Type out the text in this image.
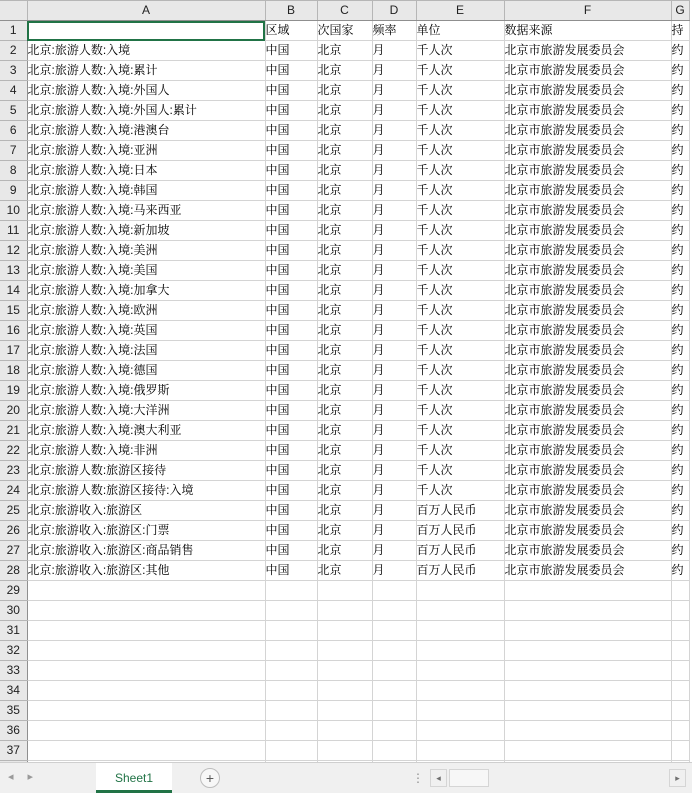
	A	B	C	D	E	F	G
1		区域	次国家	频率	单位	数据来源	持
2	北京:旅游人数:入境	中国	北京	月	千人次	北京市旅游发展委员会	约
3	北京:旅游人数:入境:累计	中国	北京	月	千人次	北京市旅游发展委员会	约
4	北京:旅游人数:入境:外国人	中国	北京	月	千人次	北京市旅游发展委员会	约
5	北京:旅游人数:入境:外国人:累计	中国	北京	月	千人次	北京市旅游发展委员会	约
6	北京:旅游人数:入境:港澳台	中国	北京	月	千人次	北京市旅游发展委员会	约
7	北京:旅游人数:入境:亚洲	中国	北京	月	千人次	北京市旅游发展委员会	约
8	北京:旅游人数:入境:日本	中国	北京	月	千人次	北京市旅游发展委员会	约
9	北京:旅游人数:入境:韩国	中国	北京	月	千人次	北京市旅游发展委员会	约
10	北京:旅游人数:入境:马来西亚	中国	北京	月	千人次	北京市旅游发展委员会	约
11	北京:旅游人数:入境:新加坡	中国	北京	月	千人次	北京市旅游发展委员会	约
12	北京:旅游人数:入境:美洲	中国	北京	月	千人次	北京市旅游发展委员会	约
13	北京:旅游人数:入境:美国	中国	北京	月	千人次	北京市旅游发展委员会	约
14	北京:旅游人数:入境:加拿大	中国	北京	月	千人次	北京市旅游发展委员会	约
15	北京:旅游人数:入境:欧洲	中国	北京	月	千人次	北京市旅游发展委员会	约
16	北京:旅游人数:入境:英国	中国	北京	月	千人次	北京市旅游发展委员会	约
17	北京:旅游人数:入境:法国	中国	北京	月	千人次	北京市旅游发展委员会	约
18	北京:旅游人数:入境:德国	中国	北京	月	千人次	北京市旅游发展委员会	约
19	北京:旅游人数:入境:俄罗斯	中国	北京	月	千人次	北京市旅游发展委员会	约
20	北京:旅游人数:入境:大洋洲	中国	北京	月	千人次	北京市旅游发展委员会	约
21	北京:旅游人数:入境:澳大利亚	中国	北京	月	千人次	北京市旅游发展委员会	约
22	北京:旅游人数:入境:非洲	中国	北京	月	千人次	北京市旅游发展委员会	约
23	北京:旅游人数:旅游区接待	中国	北京	月	千人次	北京市旅游发展委员会	约
24	北京:旅游人数:旅游区接待:入境	中国	北京	月	千人次	北京市旅游发展委员会	约
25	北京:旅游收入:旅游区	中国	北京	月	百万人民币	北京市旅游发展委员会	约
26	北京:旅游收入:旅游区:门票	中国	北京	月	百万人民币	北京市旅游发展委员会	约
27	北京:旅游收入:旅游区:商品销售	中国	北京	月	百万人民币	北京市旅游发展委员会	约
28	北京:旅游收入:旅游区:其他	中国	北京	月	百万人民币	北京市旅游发展委员会	约
29							
30							
31							
32							
33							
34							
35							
36							
37							

◂ ▸	Sheet1	+	⋮	◂	▸
